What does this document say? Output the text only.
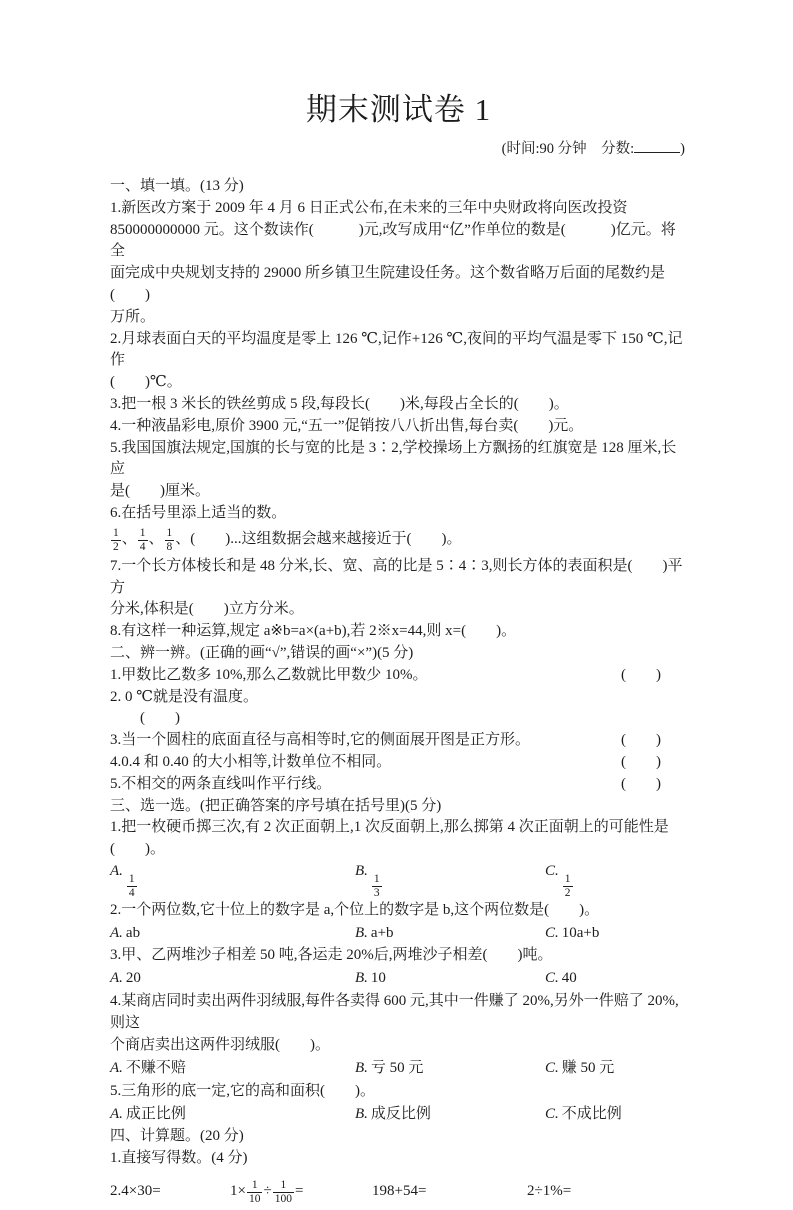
期末测试卷 1
(时间:90 分钟　分数:	)

一、填一填。(13 分)

1.新医改方案于 2009 年 4 月 6 日正式公布,在未来的三年中央财政将向医改投资

850000000000 元。这个数读作(　　　)元,改写成用“亿”作单位的数是(　　　)亿元。将全

面完成中央规划支持的 29000 所乡镇卫生院建设任务。这个数省略万后面的尾数约是(　　)

万所。

2.月球表面白天的平均温度是零上 126 ℃,记作+126 ℃,夜间的平均气温是零下 150 ℃,记作

(　　)℃。

3.把一根 3 米长的铁丝剪成 5 段,每段长(　　)米,每段占全长的(　　)。

4.一种液晶彩电,原价 3900 元,“五一”促销按八八折出售,每台卖(　　)元。

5.我国国旗法规定,国旗的长与宽的比是 3∶2,学校操场上方飘扬的红旗宽是 128 厘米,长应

是(　　)厘米。

6.在括号里添上适当的数。

$\frac{1}{2}$ 、 $\frac{1}{4}$ 、 $\frac{1}{8}$ 、 (　　)...这组数据会越来越接近于(　　)。

7.一个长方体棱长和是 48 分米,长、宽、高的比是 5∶4∶3,则长方体的表面积是(　　)平方

分米,体积是(　　)立方分米。

8.有这样一种运算,规定 a※b=a×(a+b),若 2※x=44,则 x=(　　)。

二、辨一辨。(正确的画“√”,错误的画“×”)(5 分)

1.甲数比乙数多 10%,那么乙数就比甲数少 10%。	(　　)

2. 0 ℃就是没有温度。

(　　)

3.当一个圆柱的底面直径与高相等时,它的侧面展开图是正方形。	(　　)
4.0.4 和 0.40 的大小相等,计数单位不相同。	(　　)
5.不相交的两条直线叫作平行线。	(　　)

三、选一选。(把正确答案的序号填在括号里)(5 分)

1.把一枚硬币掷三次,有 2 次正面朝上,1 次反面朝上,那么掷第 4 次正面朝上的可能性是(　　)。

A.
$\frac{1}{4}$
B.
$\frac{1}{3}$
C.
$\frac{1}{2}$

2.一个两位数,它十位上的数字是 a,个位上的数字是 b,这个两位数是(　　)。

A. ab	B. a+b	C. 10a+b

3.甲、乙两堆沙子相差 50 吨,各运走 20%后,两堆沙子相差(　　)吨。

A. 20	B. 10	C. 40

4.某商店同时卖出两件羽绒服,每件各卖得 600 元,其中一件赚了 20%,另外一件赔了 20%,则这

个商店卖出这两件羽绒服(　　)。

A. 不赚不赔	B. 亏 50 元	C. 赚 50 元

5.三角形的底一定,它的高和面积(　　)。

A. 成正比例	B. 成反比例	C. 不成比例

四、计算题。(20 分)

1.直接写得数。(4 分)

2.4×30=	$1\times \frac{1}{10} \div \frac{1}{100}$ =	198+54=	2÷1%=
